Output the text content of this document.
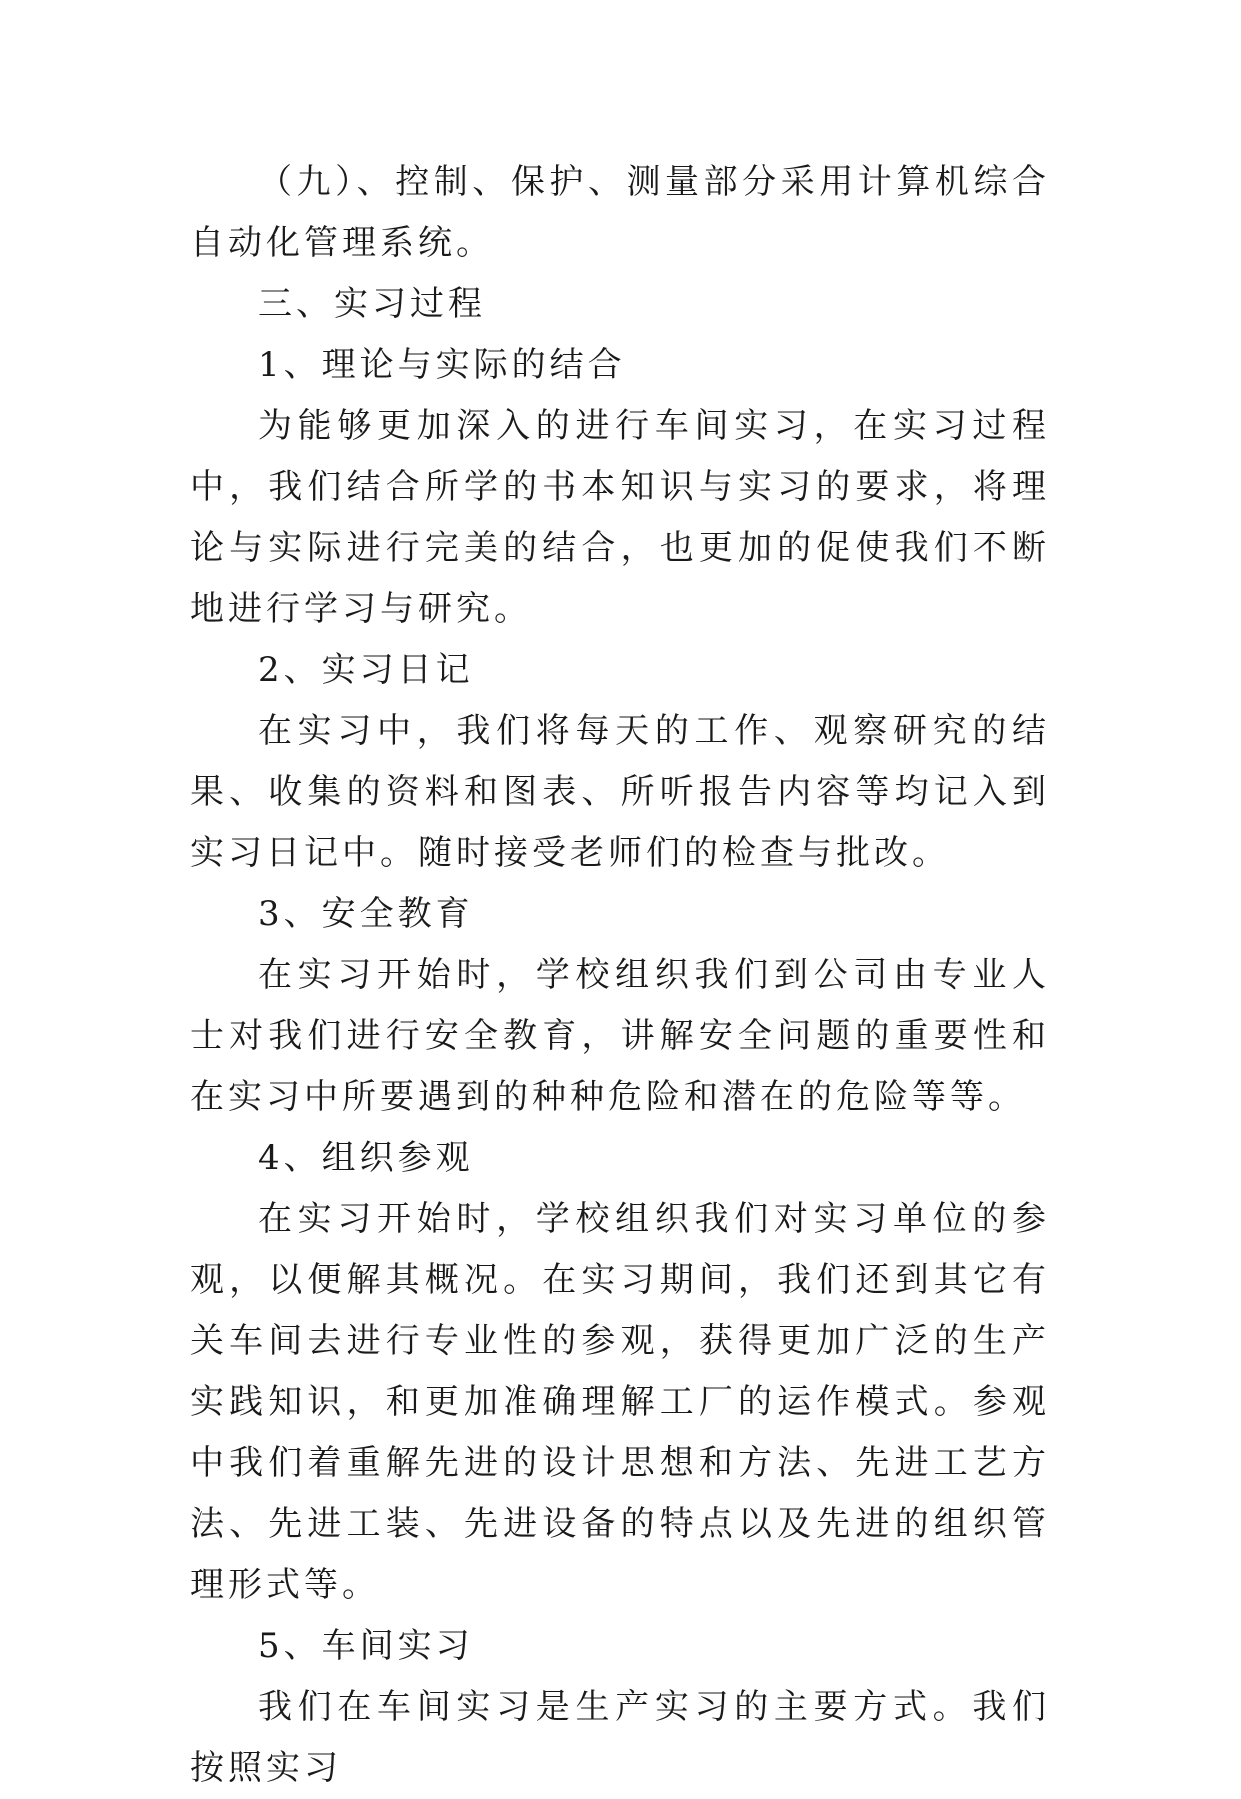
（九）、控制、保护、测量部分采用计算机综合自动化管理系统。

三、实习过程

1、理论与实际的结合

为能够更加深入的进行车间实习，在实习过程中，我们结合所学的书本知识与实习的要求，将理论与实际进行完美的结合，也更加的促使我们不断地进行学习与研究。

2、实习日记

在实习中，我们将每天的工作、观察研究的结果、收集的资料和图表、所听报告内容等均记入到实习日记中。随时接受老师们的检查与批改。

3、安全教育

在实习开始时，学校组织我们到公司由专业人士对我们进行安全教育，讲解安全问题的重要性和在实习中所要遇到的种种危险和潜在的危险等等。

4、组织参观

在实习开始时，学校组织我们对实习单位的参观，以便解其概况。在实习期间，我们还到其它有关车间去进行专业性的参观，获得更加广泛的生产实践知识，和更加准确理解工厂的运作模式。参观中我们着重解先进的设计思想和方法、先进工艺方法、先进工装、先进设备的特点以及先进的组织管理形式等。

5、车间实习

我们在车间实习是生产实习的主要方式。我们按照实习
